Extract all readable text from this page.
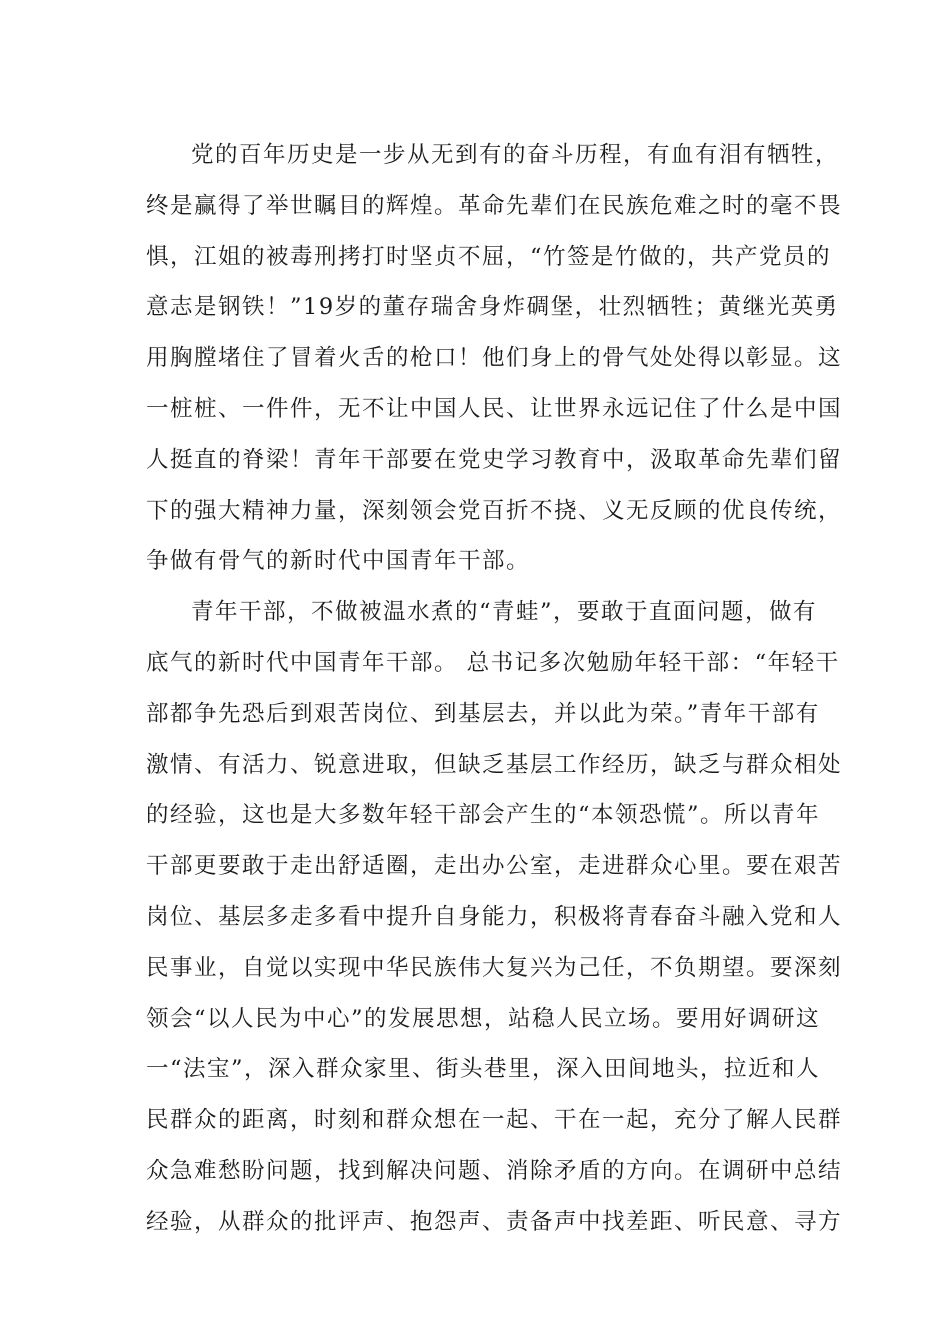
党的百年历史是一步从无到有的奋斗历程，有血有泪有牺牲，
终是赢得了举世瞩目的辉煌。革命先辈们在民族危难之时的毫不畏
惧，江姐的被毒刑拷打时坚贞不屈，“竹签是竹做的，共产党员的
意志是钢铁！”19岁的董存瑞舍身炸碉堡，壮烈牺牲；黄继光英勇
用胸膛堵住了冒着火舌的枪口！他们身上的骨气处处得以彰显。这
一桩桩、一件件，无不让中国人民、让世界永远记住了什么是中国
人挺直的脊梁！青年干部要在党史学习教育中，汲取革命先辈们留
下的强大精神力量，深刻领会党百折不挠、义无反顾的优良传统，
争做有骨气的新时代中国青年干部。
青年干部，不做被温水煮的“青蛙”，要敢于直面问题，做有
底气的新时代中国青年干部。 总书记多次勉励年轻干部：“年轻干
部都争先恐后到艰苦岗位、到基层去，并以此为荣。”青年干部有
激情、有活力、锐意进取，但缺乏基层工作经历，缺乏与群众相处
的经验，这也是大多数年轻干部会产生的“本领恐慌”。所以青年
干部更要敢于走出舒适圈，走出办公室，走进群众心里。要在艰苦
岗位、基层多走多看中提升自身能力，积极将青春奋斗融入党和人
民事业，自觉以实现中华民族伟大复兴为己任，不负期望。要深刻
领会“以人民为中心”的发展思想，站稳人民立场。要用好调研这
一“法宝”，深入群众家里、街头巷里，深入田间地头，拉近和人
民群众的距离，时刻和群众想在一起、干在一起，充分了解人民群
众急难愁盼问题，找到解决问题、消除矛盾的方向。在调研中总结
经验，从群众的批评声、抱怨声、责备声中找差距、听民意、寻方
